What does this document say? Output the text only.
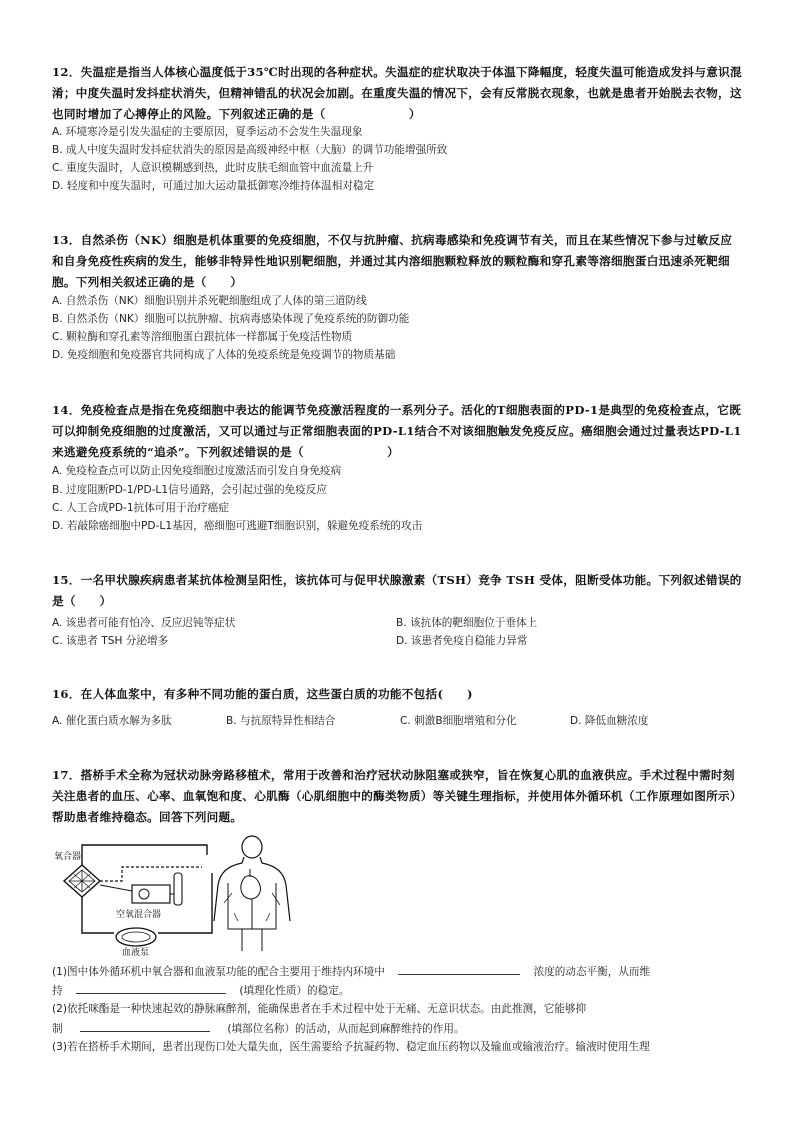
12．失温症是指当人体核心温度低于35℃时出现的各种症状。失温症的症状取决于体温下降幅度，轻度失温可能造成发抖与意识混淆；中度失温时发抖症状消失，但精神错乱的状况会加剧。在重度失温的情况下，会有反常脱衣现象，也就是患者开始脱去衣物，这也同时增加了心搏停止的风险。下列叙述正确的是（　　　　　　　）
A. 环境寒冷是引发失温症的主要原因，夏季运动不会发生失温现象
B. 成人中度失温时发抖症状消失的原因是高级神经中枢（大脑）的调节功能增强所致
C. 重度失温时，人意识模糊感到热，此时皮肤毛细血管中血流量上升
D. 轻度和中度失温时，可通过加大运动量抵御寒冷维持体温相对稳定
13．自然杀伤（NK）细胞是机体重要的免疫细胞，不仅与抗肿瘤、抗病毒感染和免疫调节有关，而且在某些情况下参与过敏反应和自身免疫性疾病的发生，能够非特异性地识别靶细胞，并通过其内溶细胞颗粒释放的颗粒酶和穿孔素等溶细胞蛋白迅速杀死靶细胞。下列相关叙述正确的是（　　）
A. 自然杀伤（NK）细胞识别并杀死靶细胞组成了人体的第三道防线
B. 自然杀伤（NK）细胞可以抗肿瘤、抗病毒感染体现了免疫系统的防御功能
C. 颗粒酶和穿孔素等溶细胞蛋白跟抗体一样都属于免疫活性物质
D. 免疫细胞和免疫器官共同构成了人体的免疫系统是免疫调节的物质基础
14．免疫检查点是指在免疫细胞中表达的能调节免疫激活程度的一系列分子。活化的T细胞表面的PD-1是典型的免疫检查点，它既可以抑制免疫细胞的过度激活，又可以通过与正常细胞表面的PD-L1结合不对该细胞触发免疫反应。癌细胞会通过过量表达PD-L1来逃避免疫系统的“追杀”。下列叙述错误的是（　　　　　　　）
A. 免疫检查点可以防止因免疫细胞过度激活而引发自身免疫病
B. 过度阻断PD-1/PD-L1信号通路，会引起过强的免疫反应
C. 人工合成PD-1抗体可用于治疗癌症
D. 若敲除癌细胞中PD-L1基因，癌细胞可逃避T细胞识别，躲避免疫系统的攻击
15．一名甲状腺疾病患者某抗体检测呈阳性，该抗体可与促甲状腺激素（TSH）竞争 TSH 受体，阻断受体功能。下列叙述错误的是（　　）
A. 该患者可能有怕冷、反应迟钝等症状	B. 该抗体的靶细胞位于垂体上
C. 该患者 TSH 分泌增多	D. 该患者免疫自稳能力异常
16．在人体血浆中，有多种不同功能的蛋白质，这些蛋白质的功能不包括(　　)
A. 催化蛋白质水解为多肽	B. 与抗原特异性相结合	C. 刺激B细胞增殖和分化	D. 降低血糖浓度
17．搭桥手术全称为冠状动脉旁路移植术，常用于改善和治疗冠状动脉阻塞或狭窄，旨在恢复心肌的血液供应。手术过程中需时刻关注患者的血压、心率、血氧饱和度、心肌酶（心肌细胞中的酶类物质）等关键生理指标，并使用体外循环机（工作原理如图所示）帮助患者维持稳态。回答下列问题。
氧合器
空氧混合器
血液泵
(1)图中体外循环机中氧合器和血液泵功能的配合主要用于维持内环境中	浓度的动态平衡，从而维
持	(填理化性质）的稳定。
(2)依托咪酯是一种快速起效的静脉麻醉剂，能确保患者在手术过程中处于无痛、无意识状态。由此推测，它能够抑
制	(填部位名称）的活动，从而起到麻醉维持的作用。
(3)若在搭桥手术期间，患者出现伤口处大量失血，医生需要给予抗凝药物、稳定血压药物以及输血或输液治疗。输液时使用生理
